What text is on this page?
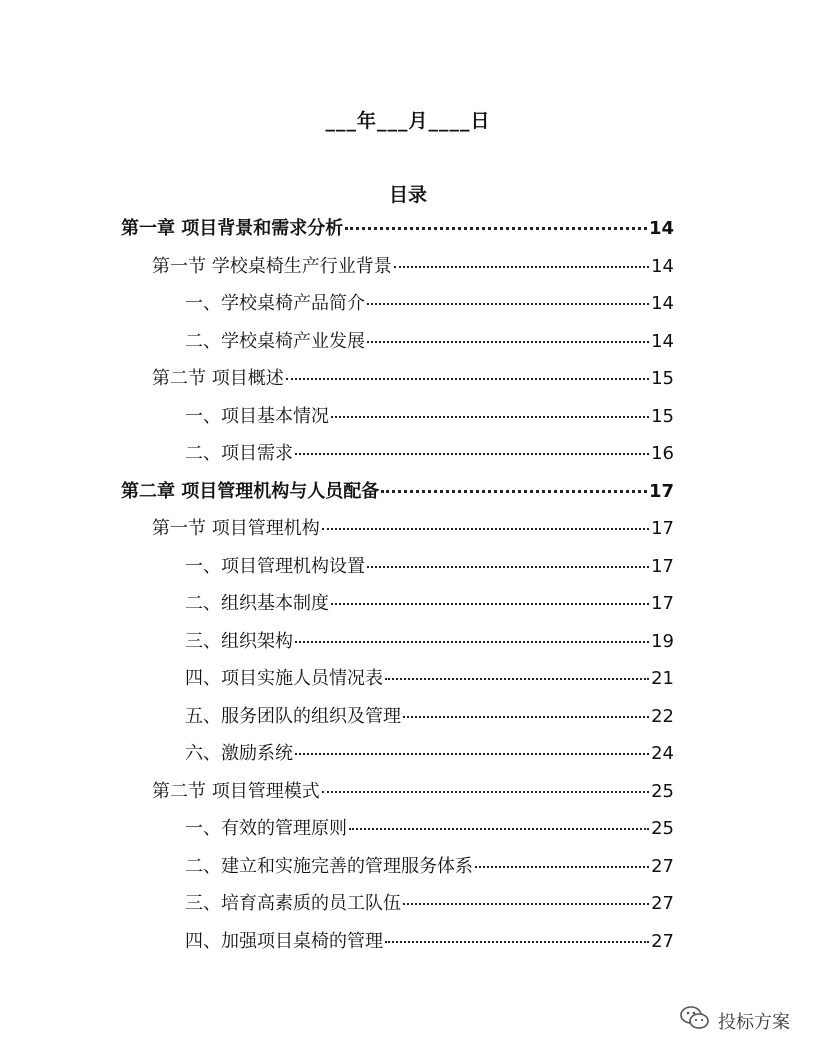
___年___月____日
目录
第一章 项目背景和需求分析	14
第一节 学校桌椅生产行业背景	14
一、学校桌椅产品简介	14
二、学校桌椅产业发展	14
第二节 项目概述	15
一、项目基本情况	15
二、项目需求	16
第二章 项目管理机构与人员配备	17
第一节 项目管理机构	17
一、项目管理机构设置	17
二、组织基本制度	17
三、组织架构	19
四、项目实施人员情况表	21
五、服务团队的组织及管理	22
六、激励系统	24
第二节 项目管理模式	25
一、有效的管理原则	25
二、建立和实施完善的管理服务体系	27
三、培育高素质的员工队伍	27
四、加强项目桌椅的管理	27
投标方案
